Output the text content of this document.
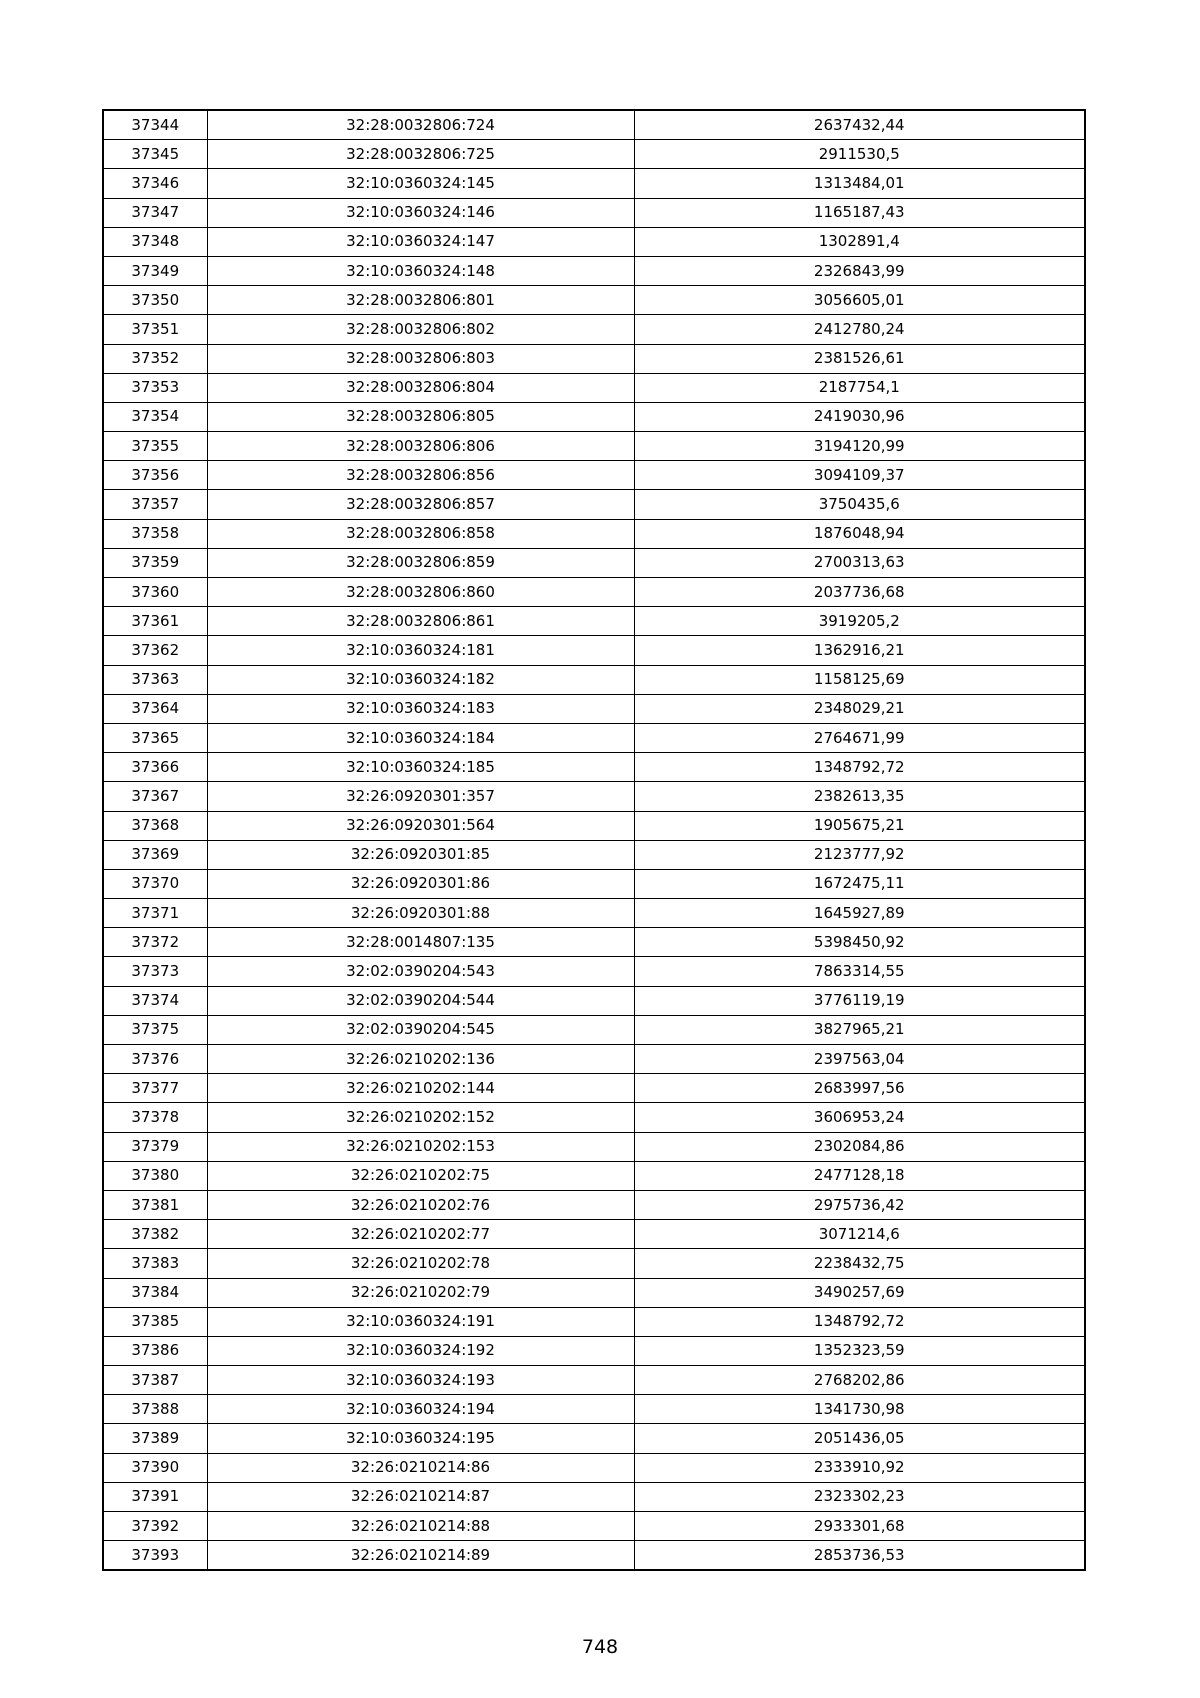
37344	32:28:0032806:724	2637432,44
37345	32:28:0032806:725	2911530,5
37346	32:10:0360324:145	1313484,01
37347	32:10:0360324:146	1165187,43
37348	32:10:0360324:147	1302891,4
37349	32:10:0360324:148	2326843,99
37350	32:28:0032806:801	3056605,01
37351	32:28:0032806:802	2412780,24
37352	32:28:0032806:803	2381526,61
37353	32:28:0032806:804	2187754,1
37354	32:28:0032806:805	2419030,96
37355	32:28:0032806:806	3194120,99
37356	32:28:0032806:856	3094109,37
37357	32:28:0032806:857	3750435,6
37358	32:28:0032806:858	1876048,94
37359	32:28:0032806:859	2700313,63
37360	32:28:0032806:860	2037736,68
37361	32:28:0032806:861	3919205,2
37362	32:10:0360324:181	1362916,21
37363	32:10:0360324:182	1158125,69
37364	32:10:0360324:183	2348029,21
37365	32:10:0360324:184	2764671,99
37366	32:10:0360324:185	1348792,72
37367	32:26:0920301:357	2382613,35
37368	32:26:0920301:564	1905675,21
37369	32:26:0920301:85	2123777,92
37370	32:26:0920301:86	1672475,11
37371	32:26:0920301:88	1645927,89
37372	32:28:0014807:135	5398450,92
37373	32:02:0390204:543	7863314,55
37374	32:02:0390204:544	3776119,19
37375	32:02:0390204:545	3827965,21
37376	32:26:0210202:136	2397563,04
37377	32:26:0210202:144	2683997,56
37378	32:26:0210202:152	3606953,24
37379	32:26:0210202:153	2302084,86
37380	32:26:0210202:75	2477128,18
37381	32:26:0210202:76	2975736,42
37382	32:26:0210202:77	3071214,6
37383	32:26:0210202:78	2238432,75
37384	32:26:0210202:79	3490257,69
37385	32:10:0360324:191	1348792,72
37386	32:10:0360324:192	1352323,59
37387	32:10:0360324:193	2768202,86
37388	32:10:0360324:194	1341730,98
37389	32:10:0360324:195	2051436,05
37390	32:26:0210214:86	2333910,92
37391	32:26:0210214:87	2323302,23
37392	32:26:0210214:88	2933301,68
37393	32:26:0210214:89	2853736,53
748
